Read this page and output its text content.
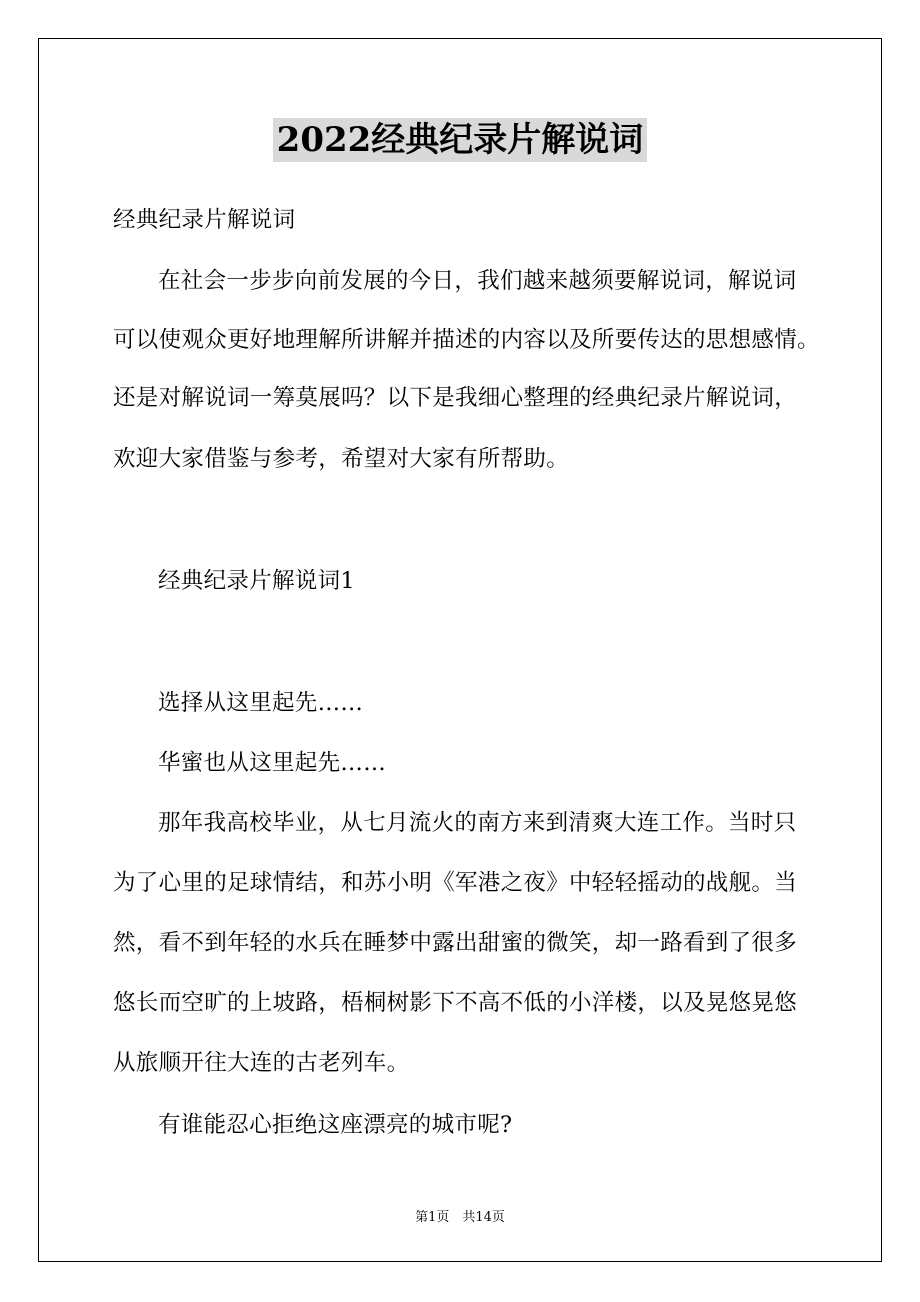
2022经典纪录片解说词
经典纪录片解说词
在社会一步步向前发展的今日，我们越来越须要解说词，解说词
可以使观众更好地理解所讲解并描述的内容以及所要传达的思想感情。
还是对解说词一筹莫展吗？以下是我细心整理的经典纪录片解说词，
欢迎大家借鉴与参考，希望对大家有所帮助。
经典纪录片解说词1
选择从这里起先……
华蜜也从这里起先……
那年我高校毕业，从七月流火的南方来到清爽大连工作。当时只
为了心里的足球情结，和苏小明《军港之夜》中轻轻摇动的战舰。当
然，看不到年轻的水兵在睡梦中露出甜蜜的微笑，却一路看到了很多
悠长而空旷的上坡路，梧桐树影下不高不低的小洋楼，以及晃悠晃悠
从旅顺开往大连的古老列车。
有谁能忍心拒绝这座漂亮的城市呢?
第1页　共14页
